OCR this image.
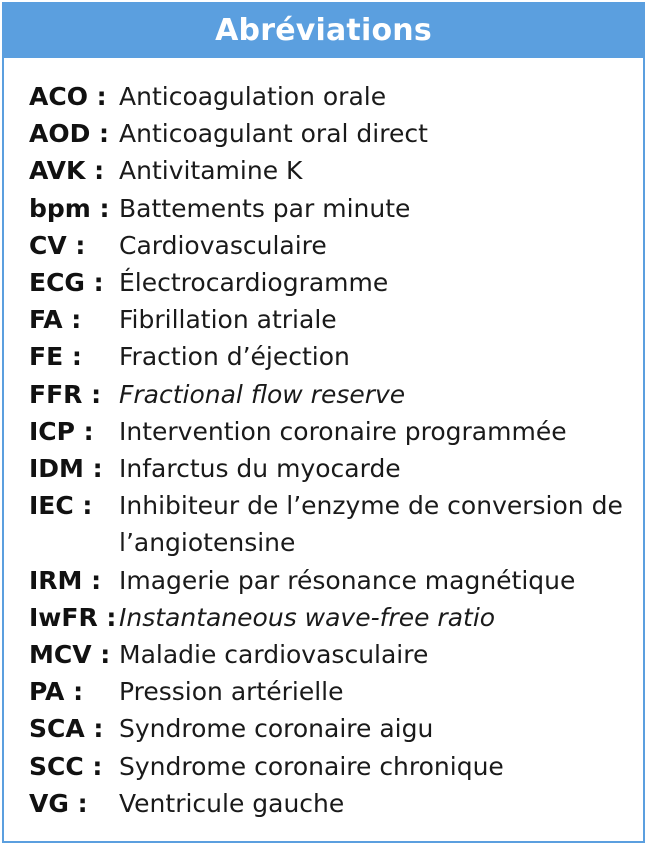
Abréviations
ACO : Anticoagulation orale
AOD : Anticoagulant oral direct
AVK : Antivitamine K
bpm : Battements par minute
CV :	Cardiovasculaire
ECG : Électrocardiogramme
FA :	Fibrillation atriale
FE :	Fraction d’éjection
FFR : Fractional flow reserve
ICP :	Intervention coronaire programmée
IDM : Infarctus du myocarde
IEC :	Inhibiteur de l’enzyme de conversion de l’angiotensine
IRM : Imagerie par résonance magnétique
IwFR : Instantaneous wave-free ratio
MCV : Maladie cardiovasculaire
PA :	Pression artérielle
SCA : Syndrome coronaire aigu
SCC : Syndrome coronaire chronique
VG :	Ventricule gauche
